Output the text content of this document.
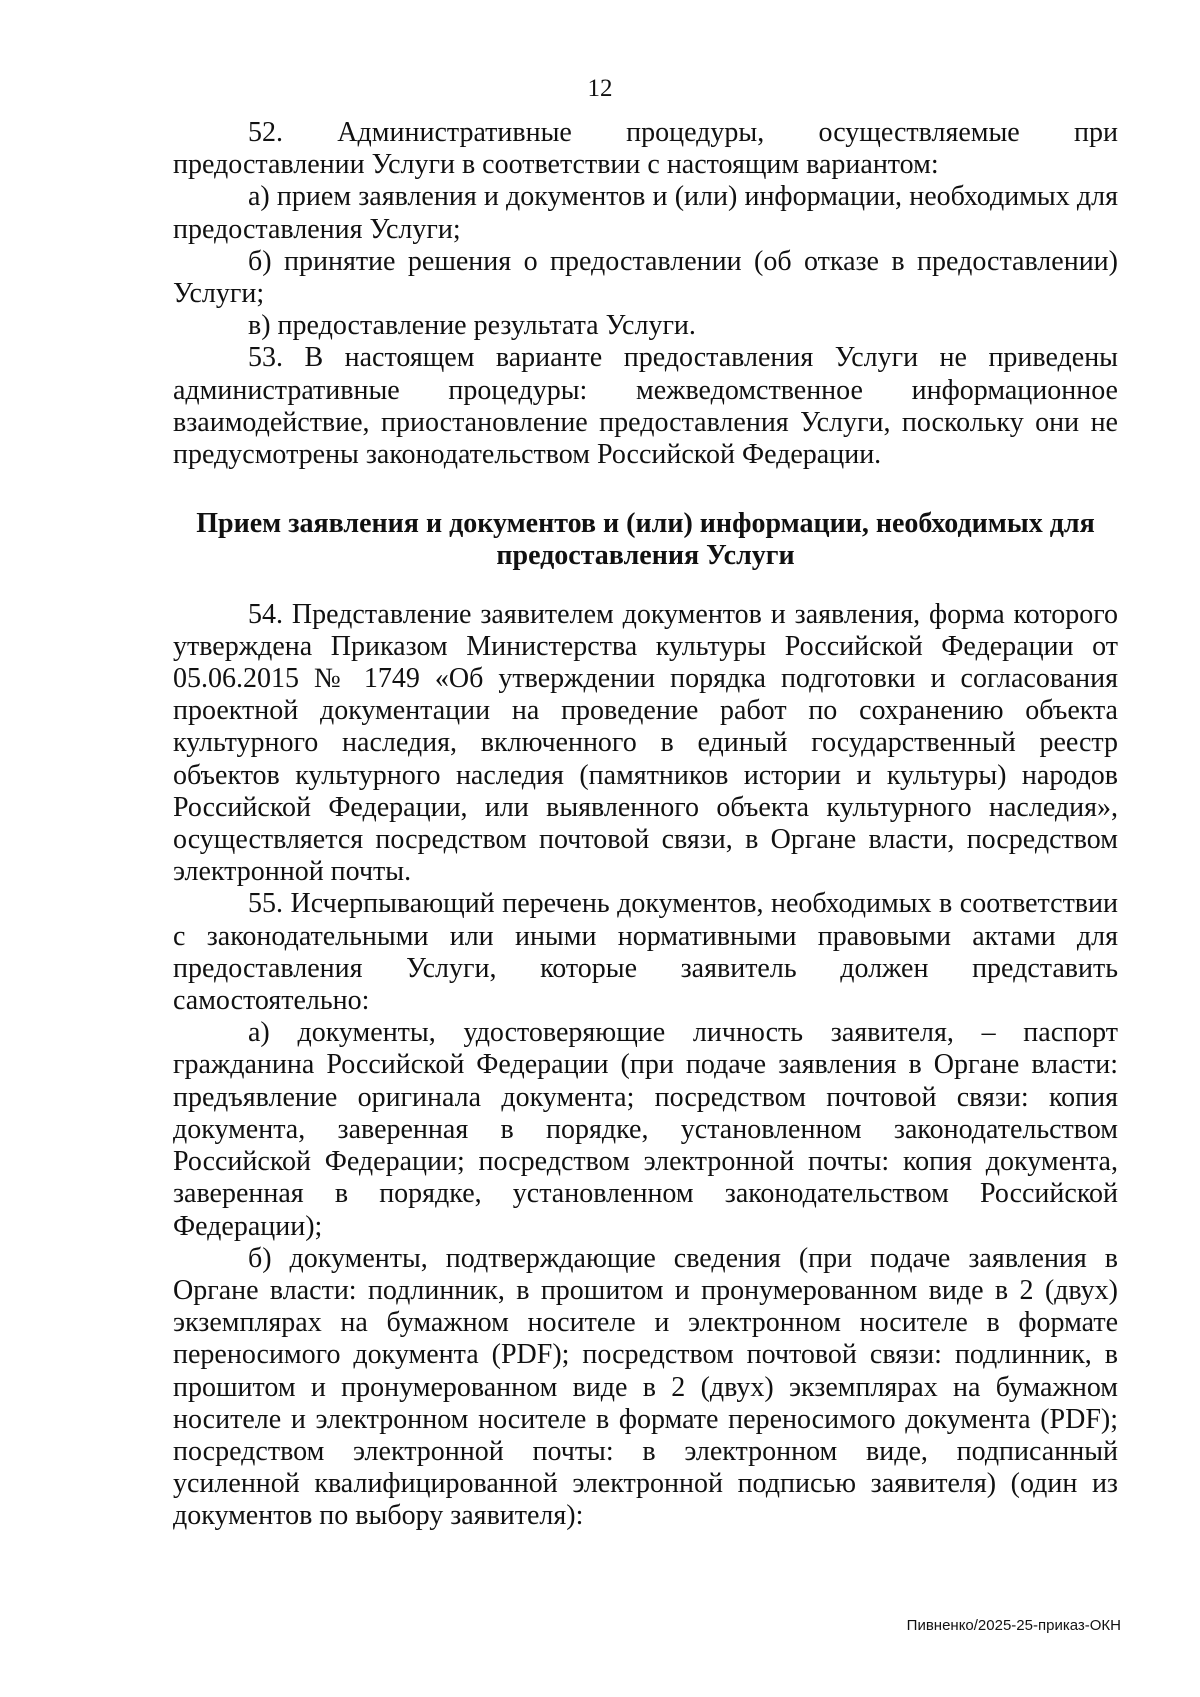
12

52. Административные процедуры, осуществляемые при предоставлении Услуги в соответствии с настоящим вариантом:

а) прием заявления и документов и (или) информации, необходимых для предоставления Услуги;

б) принятие решения о предоставлении (об отказе в предоставлении) Услуги;

в) предоставление результата Услуги.

53. В настоящем варианте предоставления Услуги не приведены административные процедуры: межведомственное информационное взаимодействие, приостановление предоставления Услуги, поскольку они не предусмотрены законодательством Российской Федерации.

Прием заявления и документов и (или) информации, необходимых для предоставления Услуги

54. Представление заявителем документов и заявления, форма которого утверждена Приказом Министерства культуры Российской Федерации от 05.06.2015 № 1749 «Об утверждении порядка подготовки и согласования проектной документации на проведение работ по сохранению объекта культурного наследия, включенного в единый государственный реестр объектов культурного наследия (памятников истории и культуры) народов Российской Федерации, или выявленного объекта культурного наследия», осуществляется посредством почтовой связи, в Органе власти, посредством электронной почты.

55. Исчерпывающий перечень документов, необходимых в соответствии с законодательными или иными нормативными правовыми актами для предоставления Услуги, которые заявитель должен представить самостоятельно:

а) документы, удостоверяющие личность заявителя, – паспорт гражданина Российской Федерации (при подаче заявления в Органе власти: предъявление оригинала документа; посредством почтовой связи: копия документа, заверенная в порядке, установленном законодательством Российской Федерации; посредством электронной почты: копия документа, заверенная в порядке, установленном законодательством Российской Федерации);

б) документы, подтверждающие сведения (при подаче заявления в Органе власти: подлинник, в прошитом и пронумерованном виде в 2 (двух) экземплярах на бумажном носителе и электронном носителе в формате переносимого документа (PDF); посредством почтовой связи: подлинник, в прошитом и пронумерованном виде в 2 (двух) экземплярах на бумажном носителе и электронном носителе в формате переносимого документа (PDF); посредством электронной почты: в электронном виде, подписанный усиленной квалифицированной электронной подписью заявителя) (один из документов по выбору заявителя):

Пивненко/2025-25-приказ-ОКН
